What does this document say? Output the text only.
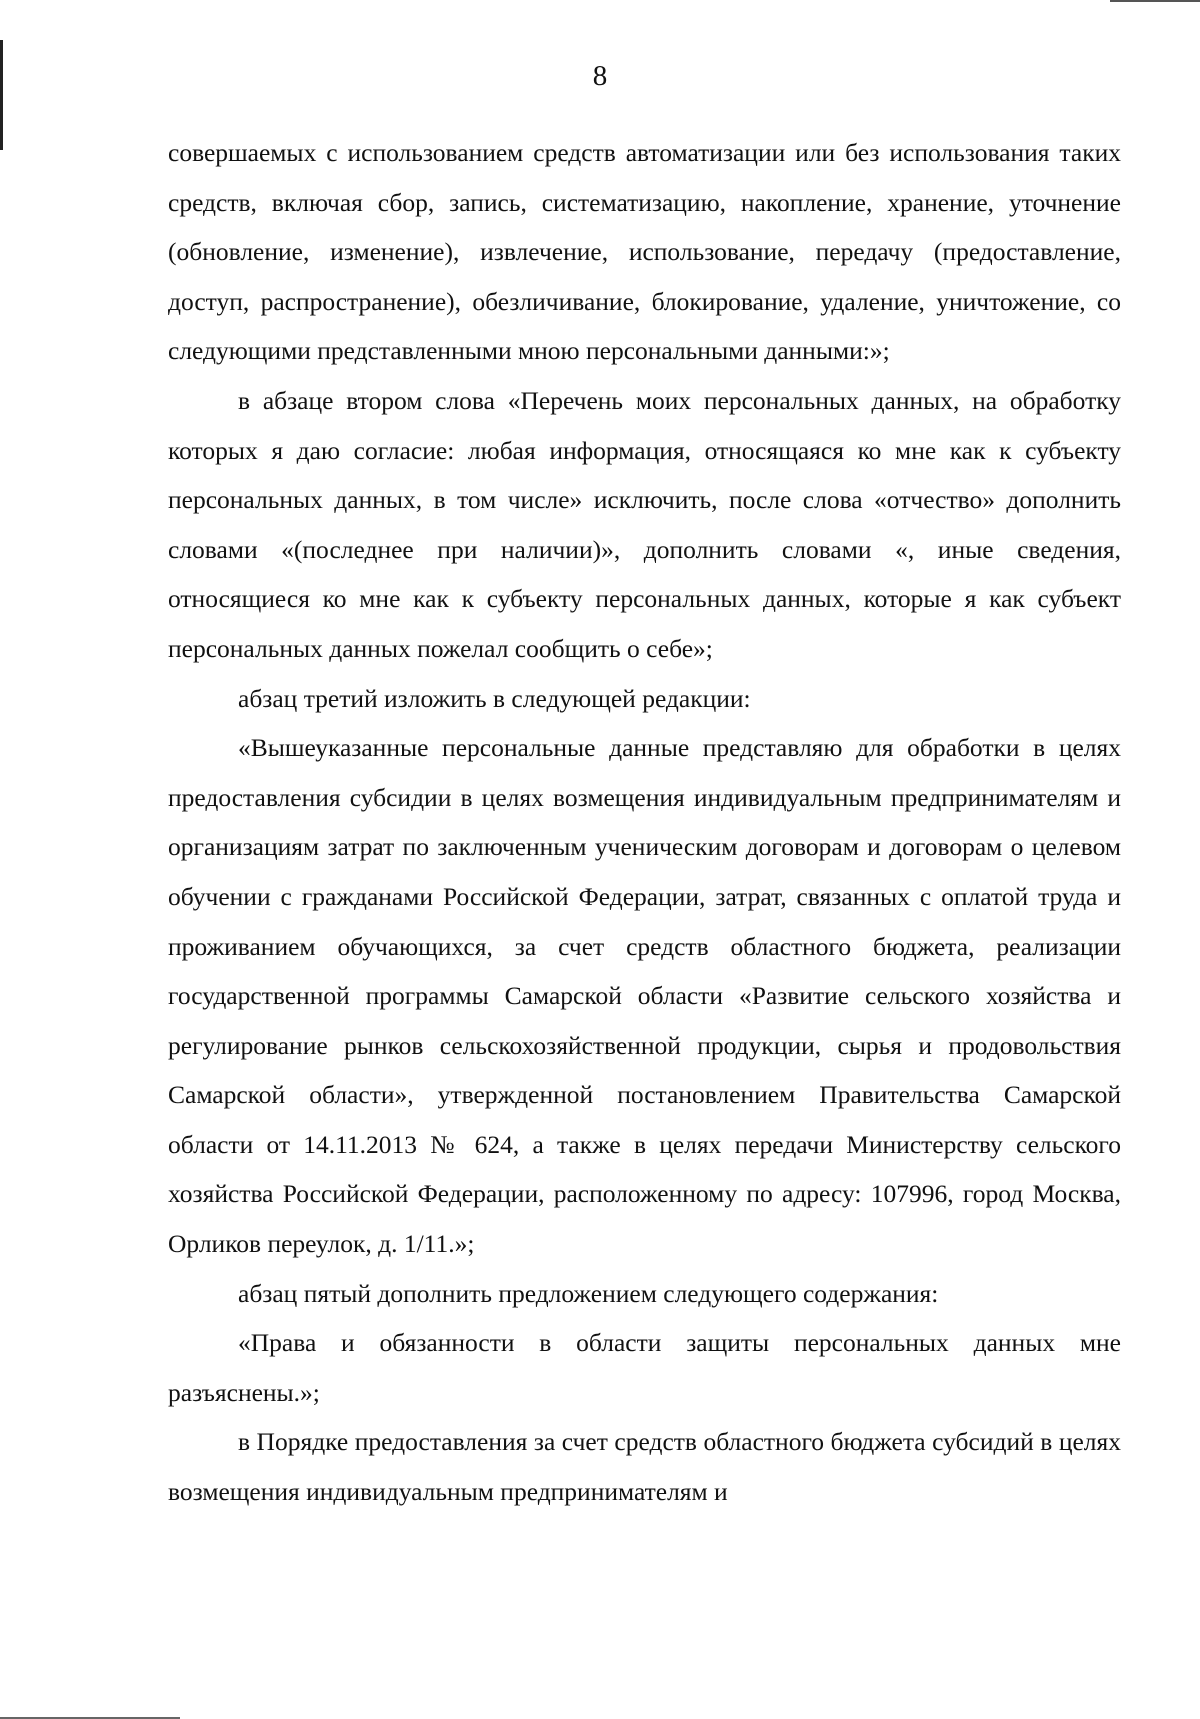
8

совершаемых с использованием средств автоматизации или без использования таких средств, включая сбор, запись, систематизацию, накопление, хранение, уточнение (обновление, изменение), извлечение, использование, передачу (предоставление, доступ, распространение), обезличивание, блокирование, удаление, уничтожение, со следующими представленными мною персональными данными:»;

в абзаце втором слова «Перечень моих персональных данных, на обработку которых я даю согласие: любая информация, относящаяся ко мне как к субъекту персональных данных, в том числе» исключить, после слова «отчество» дополнить словами «(последнее при наличии)», дополнить словами «, иные сведения, относящиеся ко мне как к субъекту персональных данных, которые я как субъект персональных данных пожелал сообщить о себе»;

абзац третий изложить в следующей редакции:

«Вышеуказанные персональные данные представляю для обработки в целях предоставления субсидии в целях возмещения индивидуальным предпринимателям и организациям затрат по заключенным ученическим договорам и договорам о целевом обучении с гражданами Российской Федерации, затрат, связанных с оплатой труда и проживанием обучающихся, за счет средств областного бюджета, реализации государственной программы Самарской области «Развитие сельского хозяйства и регулирование рынков сельскохозяйственной продукции, сырья и продовольствия Самарской области», утвержденной постановлением Правительства Самарской области от 14.11.2013 № 624, а также в целях передачи Министерству сельского хозяйства Российской Федерации, расположенному по адресу: 107996, город Москва, Орликов переулок, д. 1/11.»;

абзац пятый дополнить предложением следующего содержания:

«Права и обязанности в области защиты персональных данных мне разъяснены.»;

в Порядке предоставления за счет средств областного бюджета субсидий в целях возмещения индивидуальным предпринимателям и
